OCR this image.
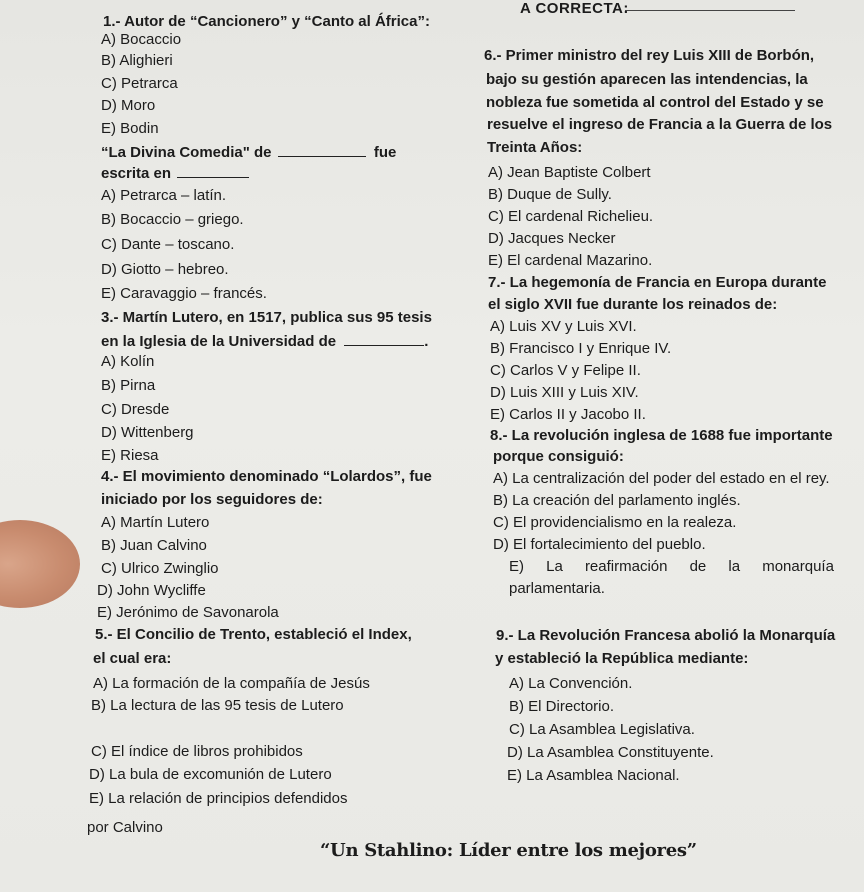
A CORRECTA:
1.- Autor de “Cancionero” y “Canto al África”:
A) Bocaccio
B) Alighieri
C) Petrarca
D) Moro
E) Bodin
“La Divina Comedia" de	fue
escrita en
A) Petrarca – latín.
B) Bocaccio – griego.
C) Dante – toscano.
D) Giotto – hebreo.
E) Caravaggio – francés.
3.- Martín Lutero, en 1517, publica sus 95 tesis
en la Iglesia de la Universidad de	.
A) Kolín
B) Pirna
C) Dresde
D) Wittenberg
E) Riesa
4.- El movimiento denominado “Lolardos”, fue
iniciado por los seguidores de:
A) Martín Lutero
B) Juan Calvino
C) Ulrico Zwinglio
D) John Wycliffe
E) Jerónimo de Savonarola
5.- El Concilio de Trento, estableció el Index,
el cual era:
A) La formación de la compañía de Jesús
B) La lectura de las 95 tesis de Lutero
C) El índice de libros prohibidos
D) La bula de excomunión de Lutero
E) La relación de principios defendidos
por Calvino
6.- Primer ministro del rey Luis XIII de Borbón,
bajo su gestión aparecen las intendencias, la
nobleza fue sometida al control del Estado y se
resuelve el ingreso de Francia a la Guerra de los
Treinta Años:
A) Jean Baptiste Colbert
B) Duque de Sully.
C) El cardenal Richelieu.
D) Jacques Necker
E) El cardenal Mazarino.
7.- La hegemonía de Francia en Europa durante
el siglo XVII fue durante los reinados de:
A) Luis XV y Luis XVI.
B) Francisco I y Enrique IV.
C) Carlos V y Felipe II.
D) Luis XIII y Luis XIV.
E) Carlos II y Jacobo II.
8.- La revolución inglesa de 1688 fue importante
porque consiguió:
A) La centralización del poder del estado en el rey.
B) La creación del parlamento inglés.
C) El providencialismo en la realeza.
D) El fortalecimiento del pueblo.
E) La reafirmación de la monarquía
parlamentaria.
9.- La Revolución Francesa abolió la Monarquía
y estableció la República mediante:
A) La Convención.
B) El Directorio.
C) La Asamblea Legislativa.
D) La Asamblea Constituyente.
E) La Asamblea Nacional.
“Un Stahlino: Líder entre los mejores”
